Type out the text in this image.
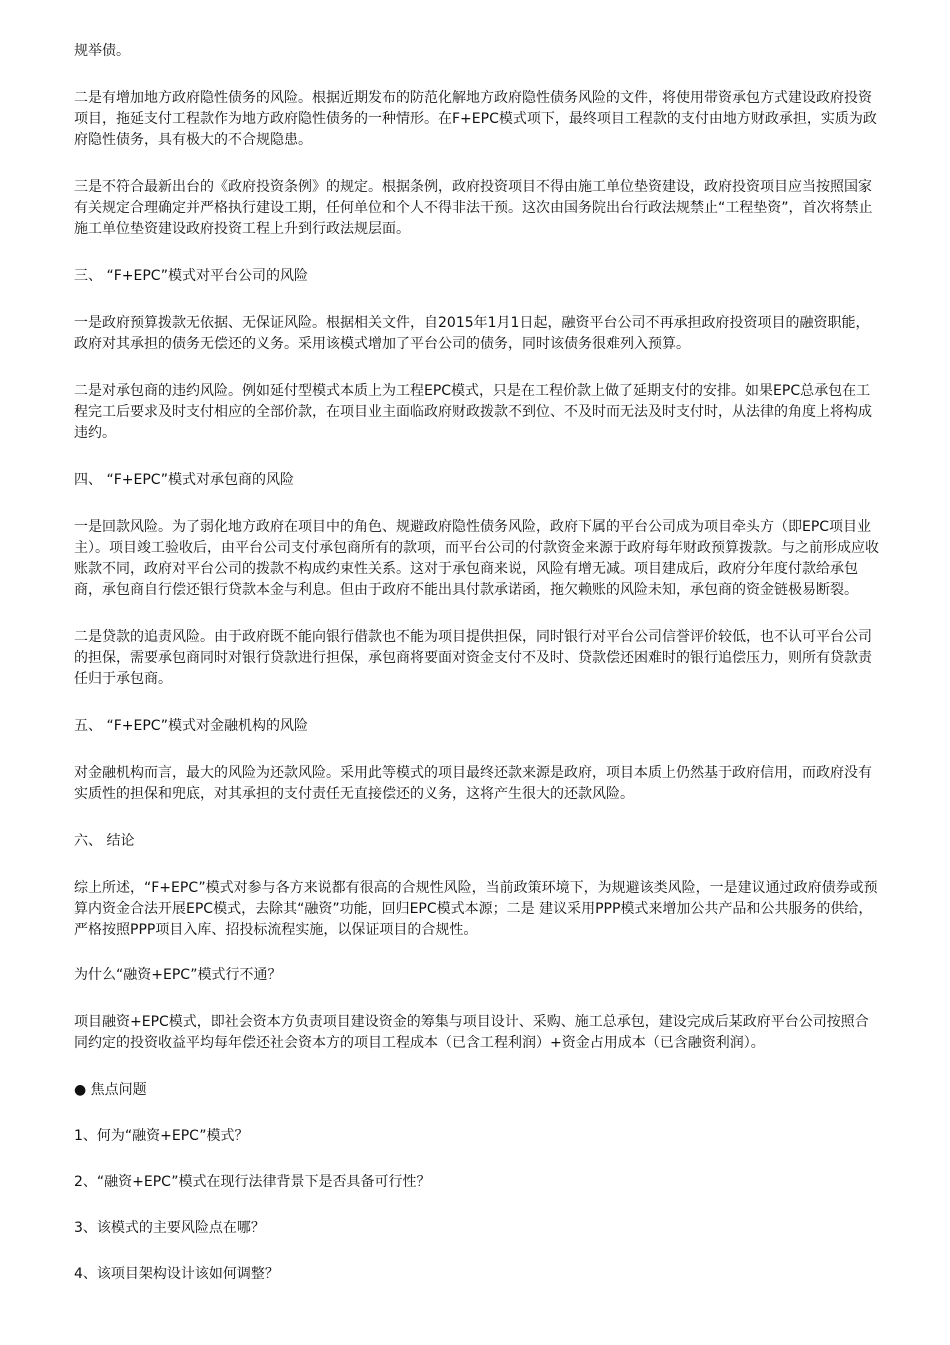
规举债。

二是有增加地方政府隐性债务的风险。根据近期发布的防范化解地方政府隐性债务风险的文件，将使用带资承包方式建设政府投资项目，拖延支付工程款作为地方政府隐性债务的一种情形。在F+EPC模式项下，最终项目工程款的支付由地方财政承担，实质为政府隐性债务，具有极大的不合规隐患。

三是不符合最新出台的《政府投资条例》的规定。根据条例，政府投资项目不得由施工单位垫资建设，政府投资项目应当按照国家有关规定合理确定并严格执行建设工期，任何单位和个人不得非法干预。这次由国务院出台行政法规禁止“工程垫资”，首次将禁止施工单位垫资建设政府投资工程上升到行政法规层面。

三、 “F+EPC”模式对平台公司的风险

一是政府预算拨款无依据、无保证风险。根据相关文件，自2015年1月1日起，融资平台公司不再承担政府投资项目的融资职能，政府对其承担的债务无偿还的义务。采用该模式增加了平台公司的债务，同时该债务很难列入预算。

二是对承包商的违约风险。例如延付型模式本质上为工程EPC模式，只是在工程价款上做了延期支付的安排。如果EPC总承包在工程完工后要求及时支付相应的全部价款，在项目业主面临政府财政拨款不到位、不及时而无法及时支付时，从法律的角度上将构成违约。

四、 “F+EPC”模式对承包商的风险

一是回款风险。为了弱化地方政府在项目中的角色、规避政府隐性债务风险，政府下属的平台公司成为项目牵头方（即EPC项目业主）。项目竣工验收后，由平台公司支付承包商所有的款项，而平台公司的付款资金来源于政府每年财政预算拨款。与之前形成应收账款不同，政府对平台公司的拨款不构成约束性关系。这对于承包商来说，风险有增无减。项目建成后，政府分年度付款给承包商，承包商自行偿还银行贷款本金与利息。但由于政府不能出具付款承诺函，拖欠赖账的风险未知，承包商的资金链极易断裂。

二是贷款的追责风险。由于政府既不能向银行借款也不能为项目提供担保，同时银行对平台公司信誉评价较低，也不认可平台公司的担保，需要承包商同时对银行贷款进行担保，承包商将要面对资金支付不及时、贷款偿还困难时的银行追偿压力，则所有贷款责任归于承包商。

五、 “F+EPC”模式对金融机构的风险

对金融机构而言，最大的风险为还款风险。采用此等模式的项目最终还款来源是政府，项目本质上仍然基于政府信用，而政府没有实质性的担保和兜底，对其承担的支付责任无直接偿还的义务，这将产生很大的还款风险。

六、 结论

综上所述，“F+EPC”模式对参与各方来说都有很高的合规性风险，当前政策环境下，为规避该类风险，一是建议通过政府债券或预算内资金合法开展EPC模式，去除其“融资”功能，回归EPC模式本源；二是 建议采用PPP模式来增加公共产品和公共服务的供给，严格按照PPP项目入库、招投标流程实施，以保证项目的合规性。

为什么“融资+EPC”模式行不通？

项目融资+EPC模式，即社会资本方负责项目建设资金的筹集与项目设计、采购、施工总承包，建设完成后某政府平台公司按照合同约定的投资收益平均每年偿还社会资本方的项目工程成本（已含工程利润）+资金占用成本（已含融资利润）。

● 焦点问题

1、何为“融资+EPC”模式？

2、“融资+EPC”模式在现行法律背景下是否具备可行性？

3、该模式的主要风险点在哪？

4、该项目架构设计该如何调整？
